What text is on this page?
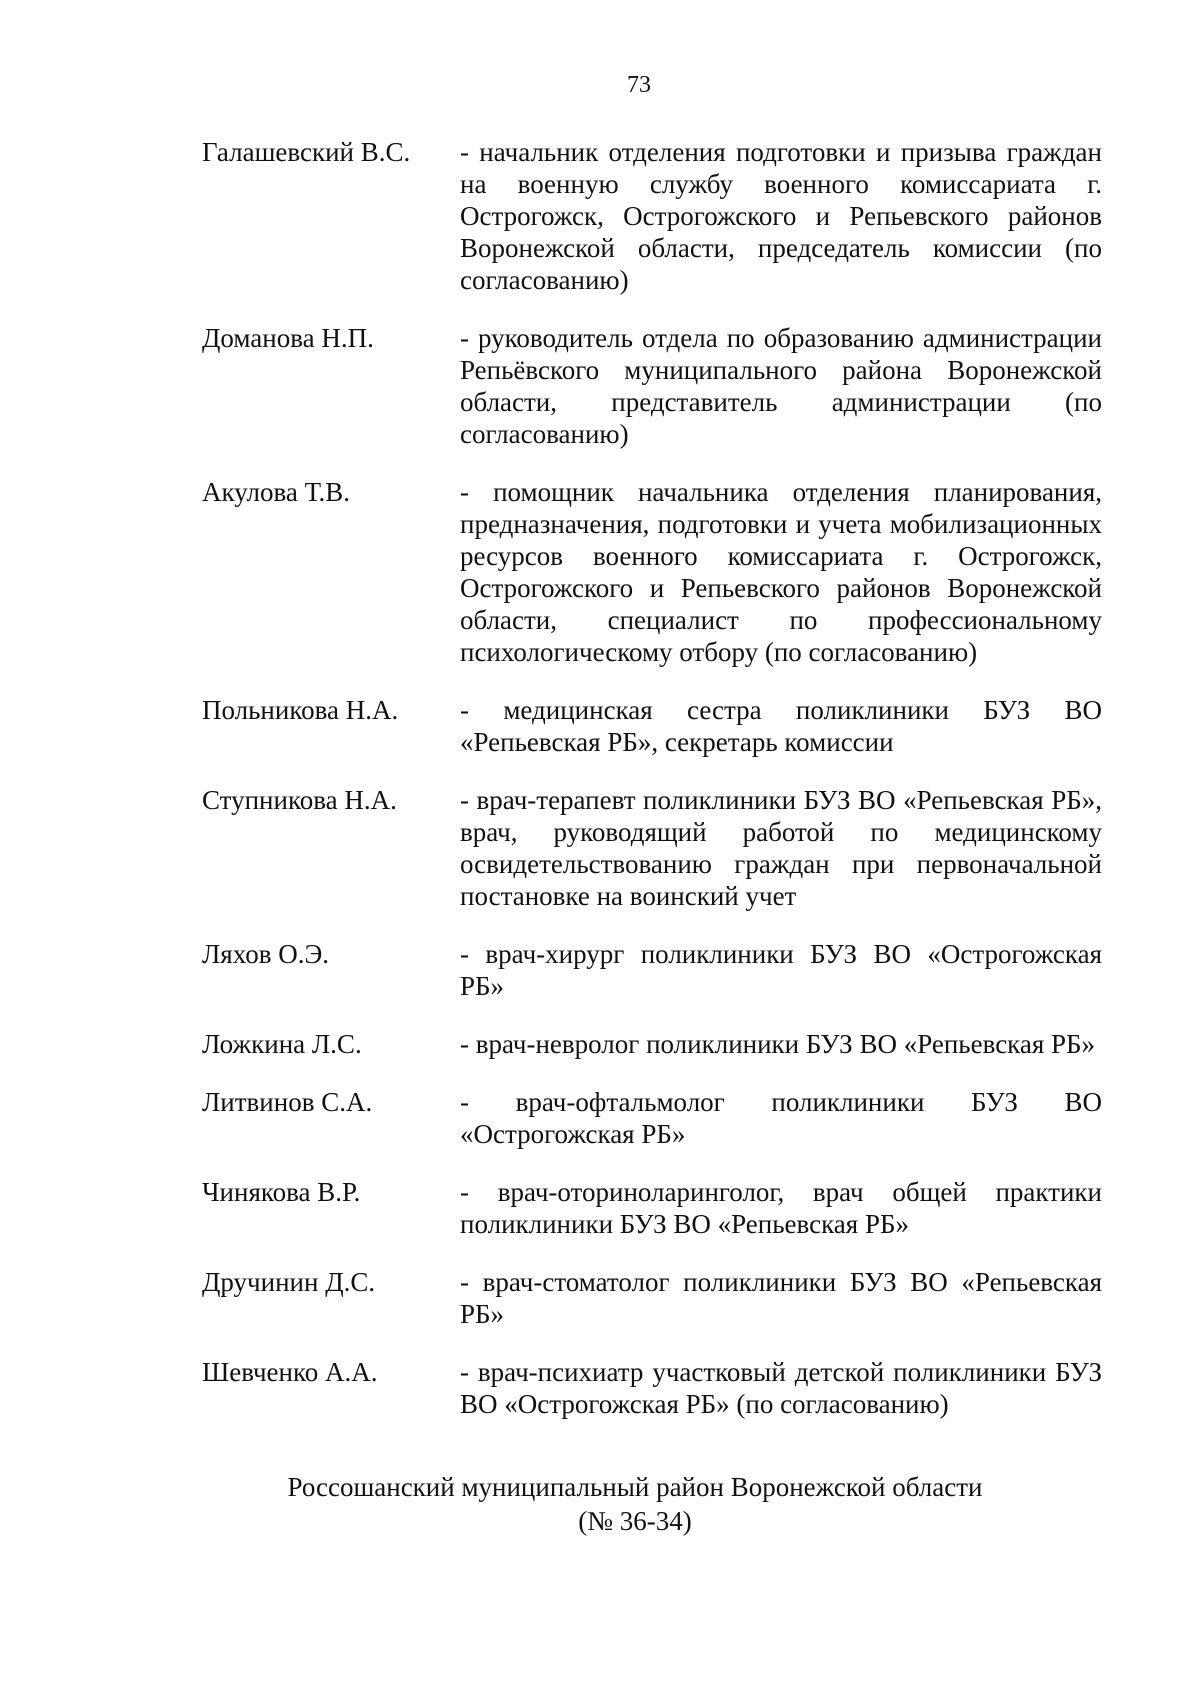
73
Галашевский В.С.	- начальник отделения подготовки и призыва граждан на военную службу военного комиссариата г. Острогожск, Острогожского и Репьевского районов Воронежской области, председатель комиссии (по согласованию)
Доманова Н.П.	- руководитель отдела по образованию администрации Репьёвского муниципального района Воронежской области, представитель администрации (по согласованию)
Акулова Т.В.	- помощник начальника отделения планирования, предназначения, подготовки и учета мобилизационных ресурсов военного комиссариата г. Острогожск, Острогожского и Репьевского районов Воронежской области, специалист по профессиональному психологическому отбору (по согласованию)
Польникова Н.А.	- медицинская сестра поликлиники БУЗ ВО «Репьевская РБ», секретарь комиссии
Ступникова Н.А.	- врач-терапевт поликлиники БУЗ ВО «Репьевская РБ», врач, руководящий работой по медицинскому освидетельствованию граждан при первоначальной постановке на воинский учет
Ляхов О.Э.	- врач-хирург поликлиники БУЗ ВО «Острогожская РБ»
Ложкина Л.С.	- врач-невролог поликлиники БУЗ ВО «Репьевская РБ»
Литвинов С.А.	- врач-офтальмолог поликлиники БУЗ ВО «Острогожская РБ»
Чинякова В.Р.	- врач-оториноларинголог, врач общей практики поликлиники БУЗ ВО «Репьевская РБ»
Дручинин Д.С.	- врач-стоматолог поликлиники БУЗ ВО «Репьевская РБ»
Шевченко А.А.	- врач-психиатр участковый детской поликлиники БУЗ ВО «Острогожская РБ» (по согласованию)
Россошанский муниципальный район Воронежской области
(№ 36-34)
